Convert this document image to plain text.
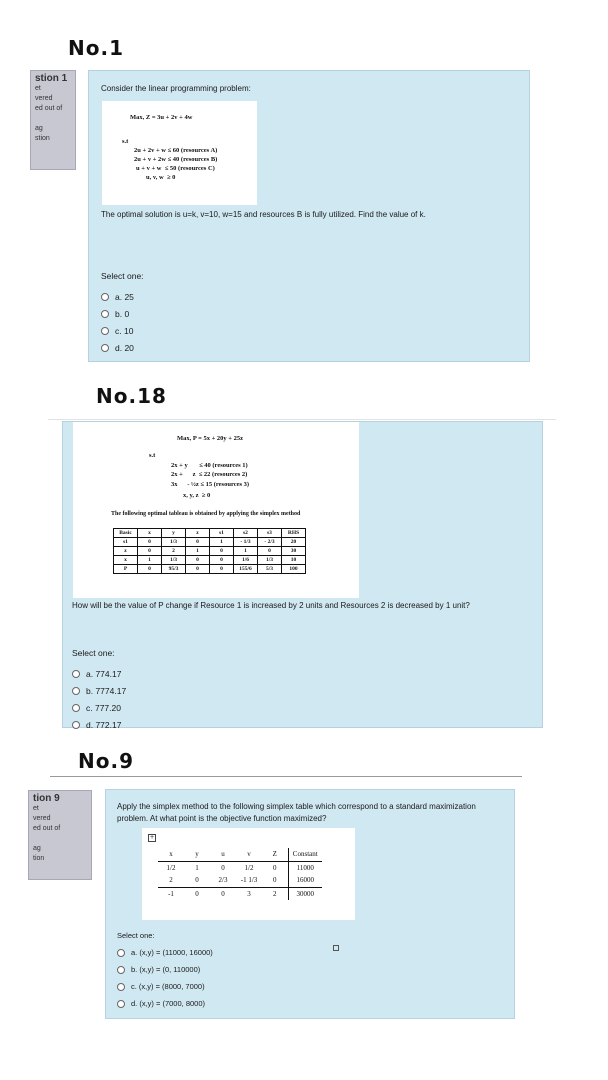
No.1
stion 1
et
vered
ed out of
ag
stion
Consider the linear programming problem:
Max, Z = 3u + 2v + 4w
s.t
2u + 2v + w ≤ 60 (resources A)
2u + v + 2w ≤ 40 (resources B)
u + v + w  ≤ 50 (resources C)
u, v, w  ≥ 0
The optimal solution is u=k, v=10, w=15 and resources B is fully utilized. Find the value of k.
Select one:
a. 25
b. 0
c. 10
d. 20
No.18
Max, P = 5x + 20y + 25z
s.t
2x + y       ≤ 40 (resources 1)
2x +      z  ≤ 22 (resources 2)
3x      - ½z ≤ 15 (resources 3)
x, y, z  ≥ 0
The following optimal tableau is obtained by applying the simplex method
Basic	x	y	z	s1	s2	s3	RHS
s1	0	1/3	0	1	- 1/3	- 2/3	20
z	0	2	1	0	1	0	30
x	1	1/3	0	0	1/6	1/3	10
P	0	95/3	0	0	155/6	5/3	100
How will be the value of P change if Resource 1 is increased by 2 units and Resources 2 is decreased by 1 unit?
Select one:
a. 774.17
b. 7774.17
c. 777.20
d. 772.17
No.9
tion 9
et
vered
ed out of
ag
tion
Apply the simplex method to the following simplex table which correspond to a standard maximization problem. At what point is the objective function maximized?
+
x	y	u	v	Z	Constant
1/2	1	0	1/2	0	11000
2	0	2/3	-1 1/3	0	16000
-1	0	0	3	2	30000
Select one:
a. (x,y) = (11000, 16000)
b. (x,y) = (0, 110000)
c. (x,y) = (8000, 7000)
d. (x,y) = (7000, 8000)
